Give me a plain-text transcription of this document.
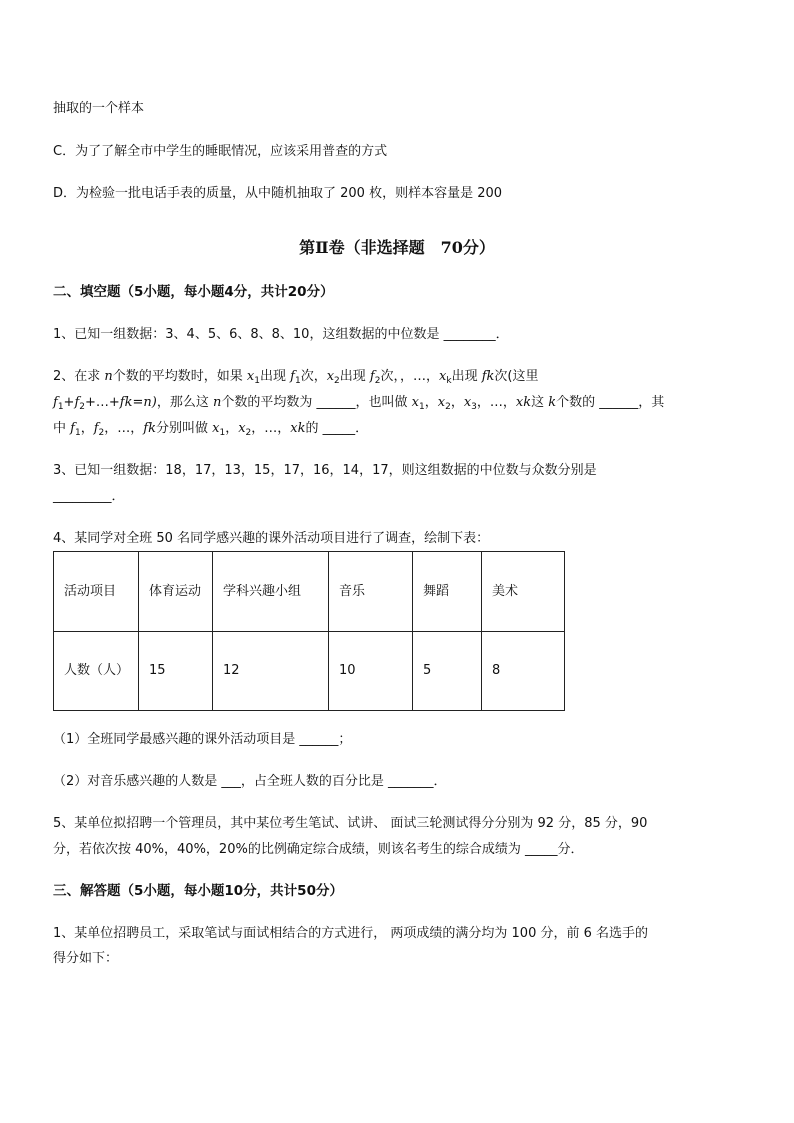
抽取的一个样本
C．为了了解全市中学生的睡眠情况，应该采用普查的方式
D．为检验一批电话手表的质量，从中随机抽取了 200 枚，则样本容量是 200
第Ⅱ卷（非选择题　70分）
二、填空题（5小题，每小题4分，共计20分）
1、已知一组数据：3、4、5、6、8、8、10，这组数据的中位数是 ________．
2、在求 n个数的平均数时，如果 $x_1$出现 $f_1$次，$x_2$出现 $f_2$次，，…，$x_k$出现 fk次(这里
$f_1+f_2+\dots+fk=n$)，那么这 n个数的平均数为 ______，也叫做 $x_1$，$x_2$，$x_3$，…，xk这 k个数的 ______，其
中 $f_1$，$f_2$，…，fk分别叫做 $x_1$，$x_2$，…，xk的 _____．
3、已知一组数据：18，17，13，15，17，16，14，17，则这组数据的中位数与众数分别是
_________．
4、某同学对全班 50 名同学感兴趣的课外活动项目进行了调查，绘制下表：
活动项目	体育运动	学科兴趣小组	音乐	舞蹈	美术
人数（人）	15	12	10	5	8
（1）全班同学最感兴趣的课外活动项目是 ______；
（2）对音乐感兴趣的人数是 ___，占全班人数的百分比是 _______．
5、某单位拟招聘一个管理员，其中某位考生笔试、试讲、 面试三轮测试得分分别为 92 分，85 分，90
分，若依次按 40%，40%，20%的比例确定综合成绩，则该名考生的综合成绩为 _____分．
三、解答题（5小题，每小题10分，共计50分）
1、某单位招聘员工，采取笔试与面试相结合的方式进行， 两项成绩的满分均为 100 分，前 6 名选手的
得分如下：
